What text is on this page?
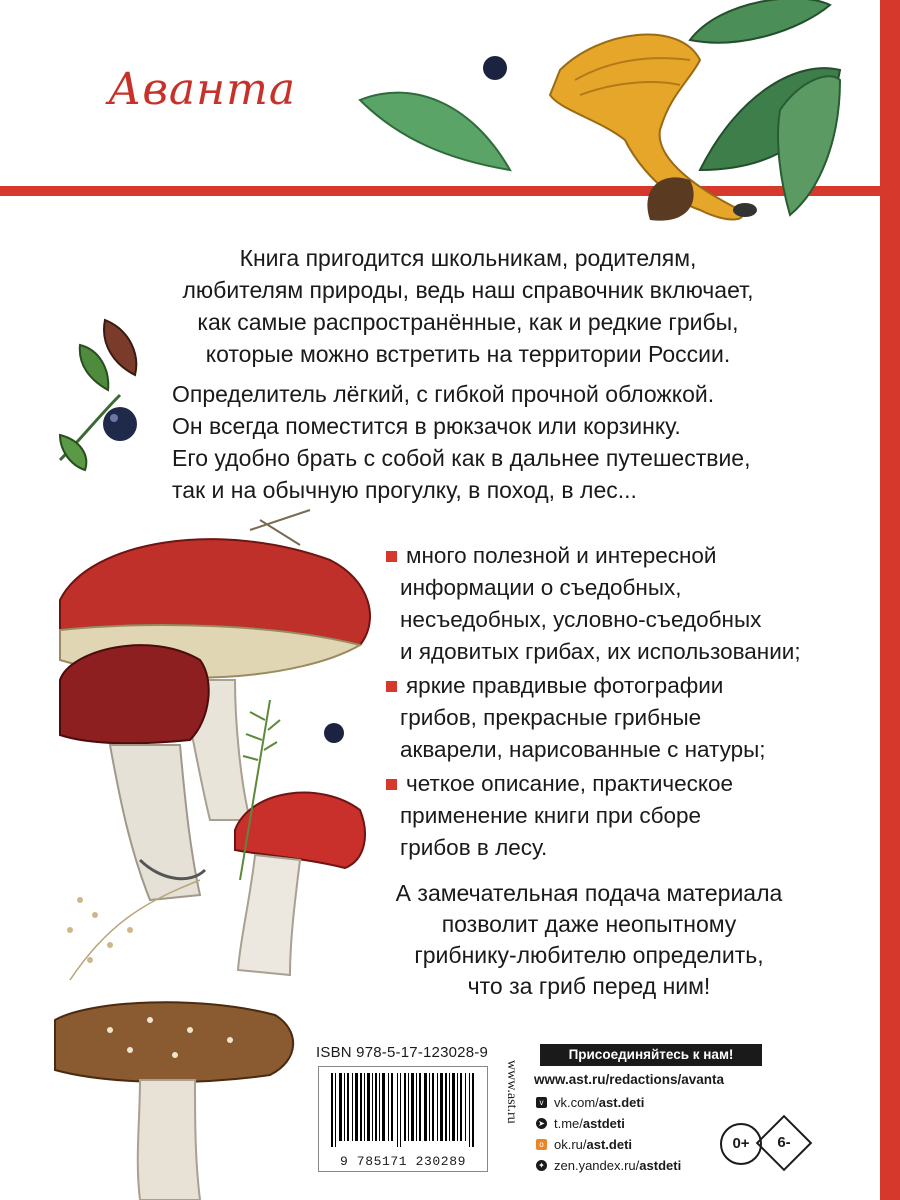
Аванта
Книга пригодится школьникам, родителям,
любителям природы, ведь наш справочник включает,
как самые распространённые, как и редкие грибы,
которые можно встретить на территории России.
Определитель лёгкий, с гибкой прочной обложкой.
Он всегда поместится в рюкзачок или корзинку.
Его удобно брать с собой как в дальнее путешествие,
так и на обычную прогулку, в поход, в лес...
много полезной и интересной
информации о съедобных,
несъедобных, условно-съедобных
и ядовитых грибах, их использовании;
яркие правдивые фотографии
грибов, прекрасные грибные
акварели, нарисованные с натуры;
четкое описание, практическое
применение книги при сборе
грибов в лесу.
А замечательная подача материала
позволит даже неопытному
грибнику-любителю определить,
что за гриб перед ним!
ISBN 978-5-17-123028-9
9 785171 230289
www.ast.ru
Присоединяйтесь к нам!
www.ast.ru/redactions/avanta
v vk.com/ast.deti
➤ t.me/astdeti
o ok.ru/ast.deti
✦ zen.yandex.ru/astdeti
0+	6-
